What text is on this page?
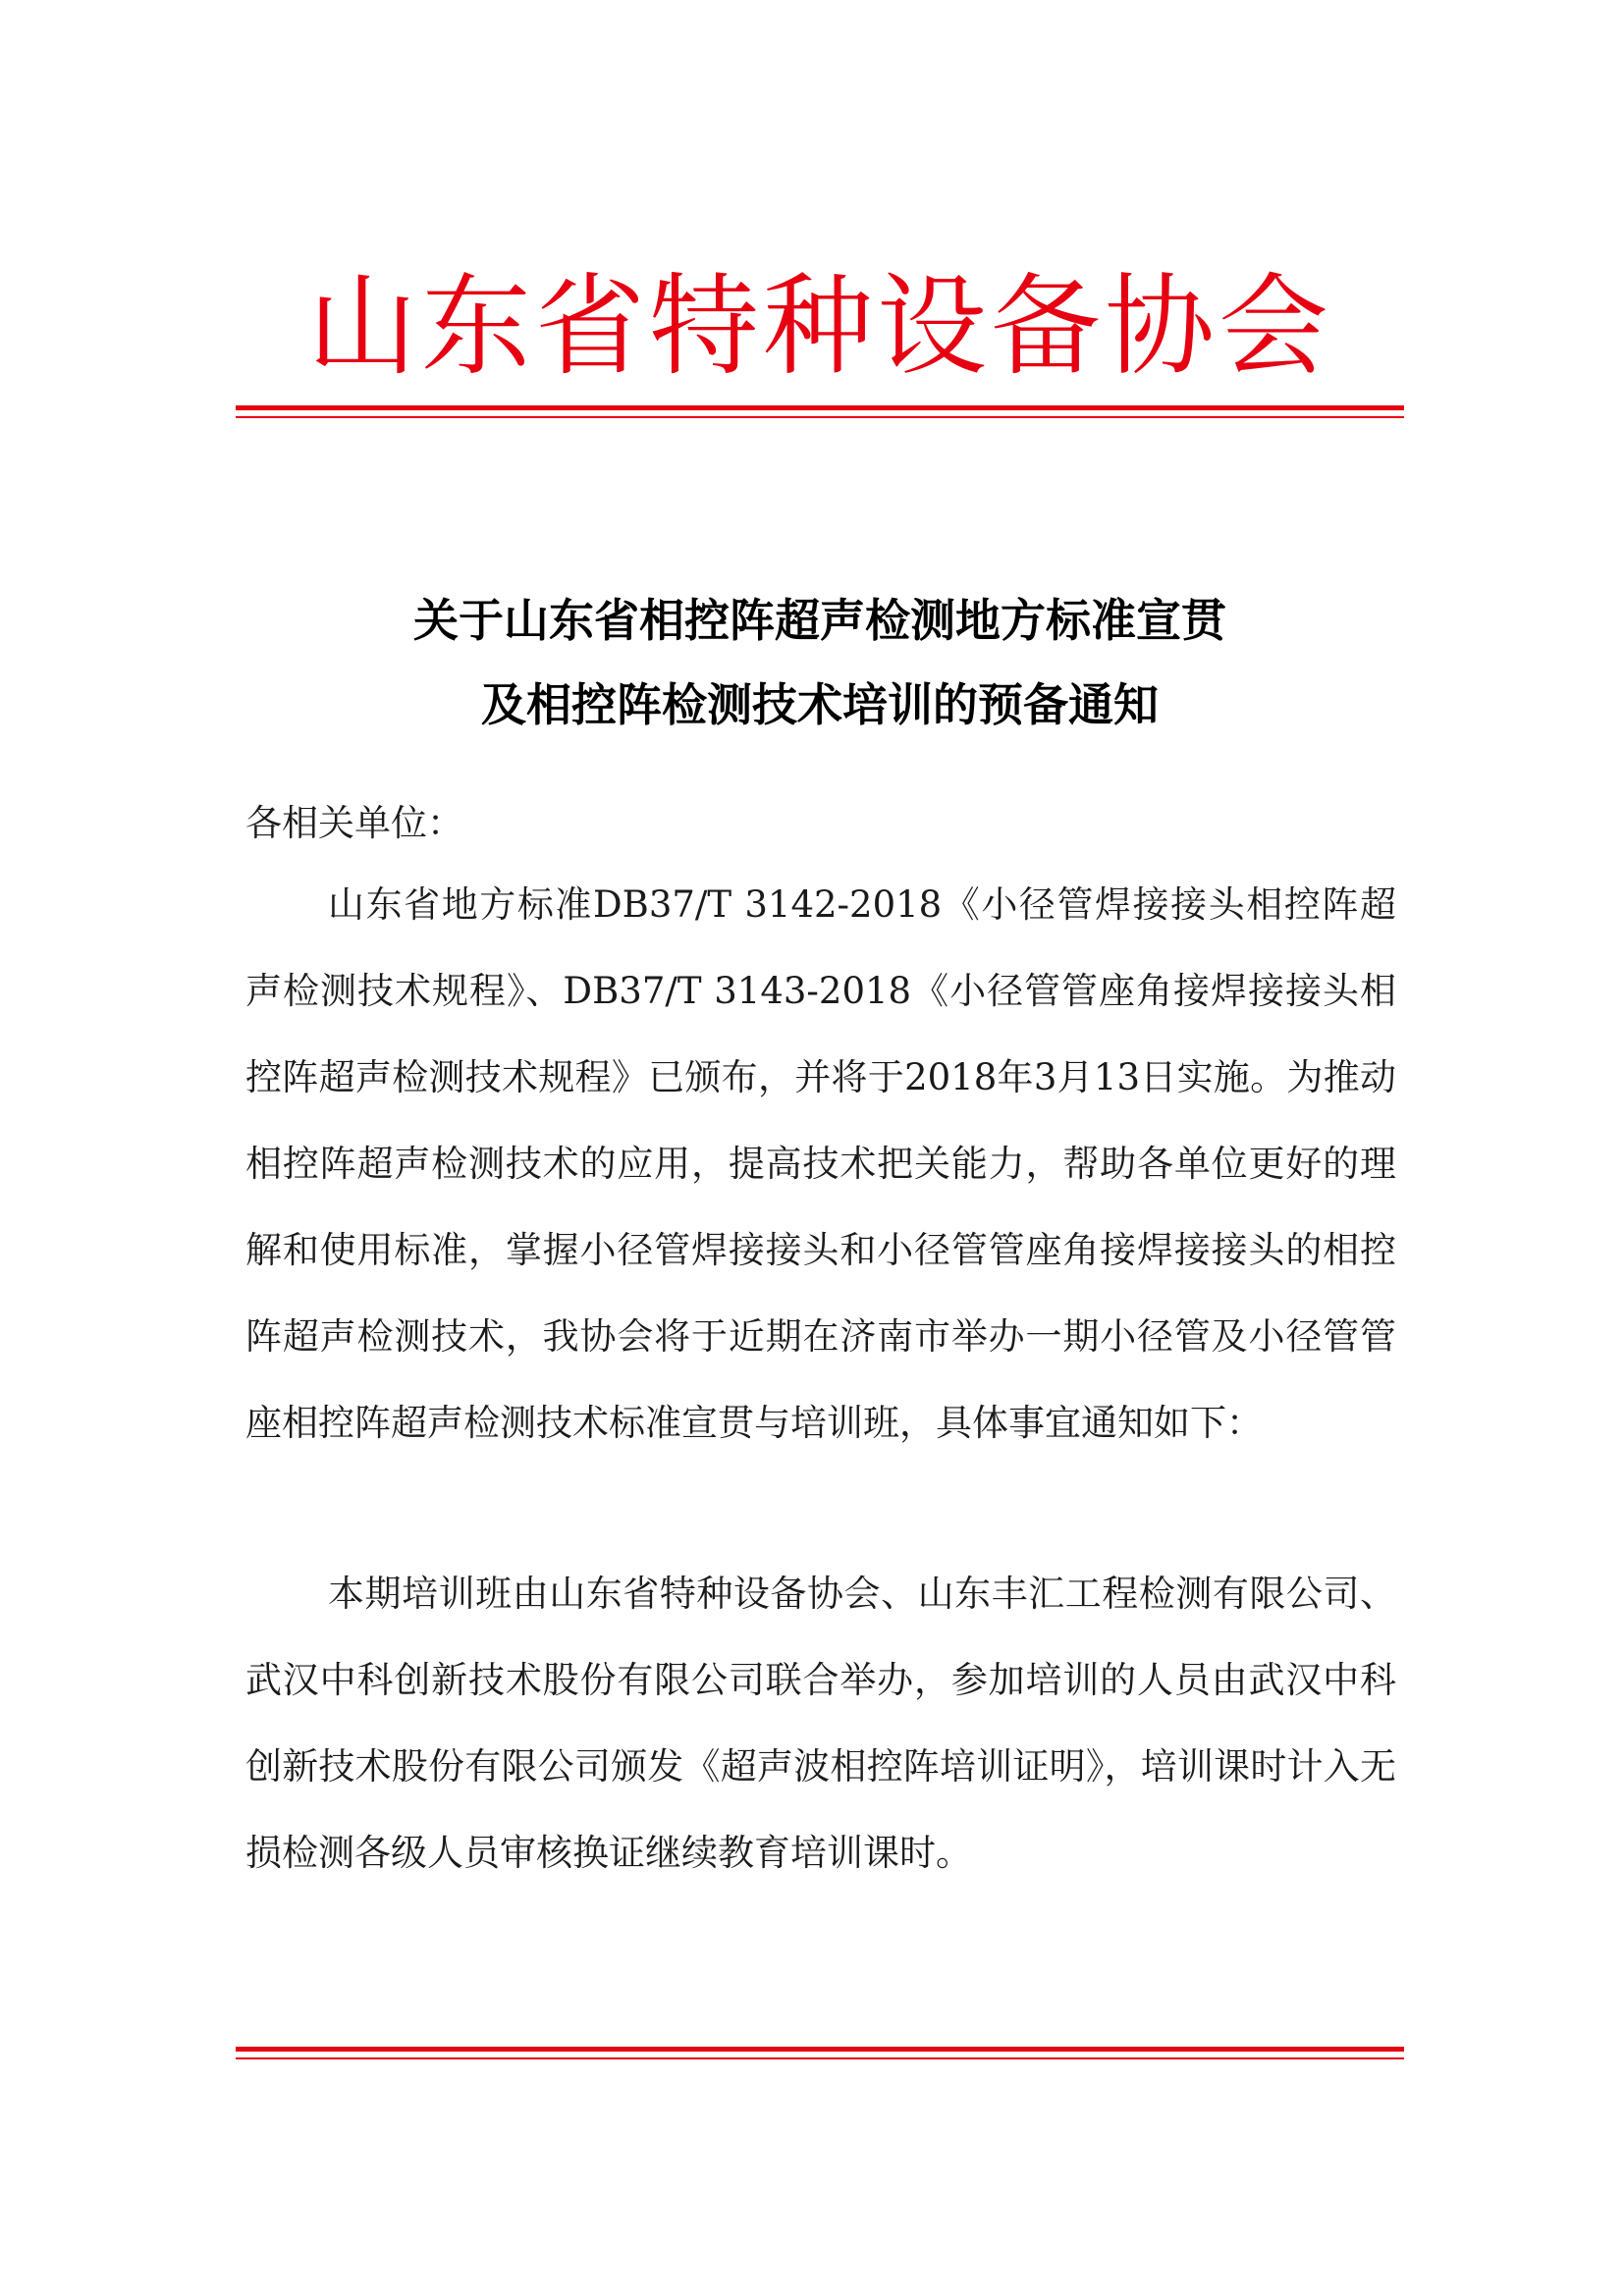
山东省特种设备协会
关于山东省相控阵超声检测地方标准宣贯
及相控阵检测技术培训的预备通知
各相关单位：

山东省地方标准DB37/T 3142-2018《小径管焊接接头相控阵超声检测技术规程》、DB37/T 3143-2018《小径管管座角接焊接接头相控阵超声检测技术规程》已颁布，并将于2018年3月13日实施。为推动相控阵超声检测技术的应用，提高技术把关能力，帮助各单位更好的理解和使用标准，掌握小径管焊接接头和小径管管座角接焊接接头的相控阵超声检测技术，我协会将于近期在济南市举办一期小径管及小径管管座相控阵超声检测技术标准宣贯与培训班，具体事宜通知如下：

本期培训班由山东省特种设备协会、山东丰汇工程检测有限公司、武汉中科创新技术股份有限公司联合举办，参加培训的人员由武汉中科创新技术股份有限公司颁发《超声波相控阵培训证明》，培训课时计入无损检测各级人员审核换证继续教育培训课时。
